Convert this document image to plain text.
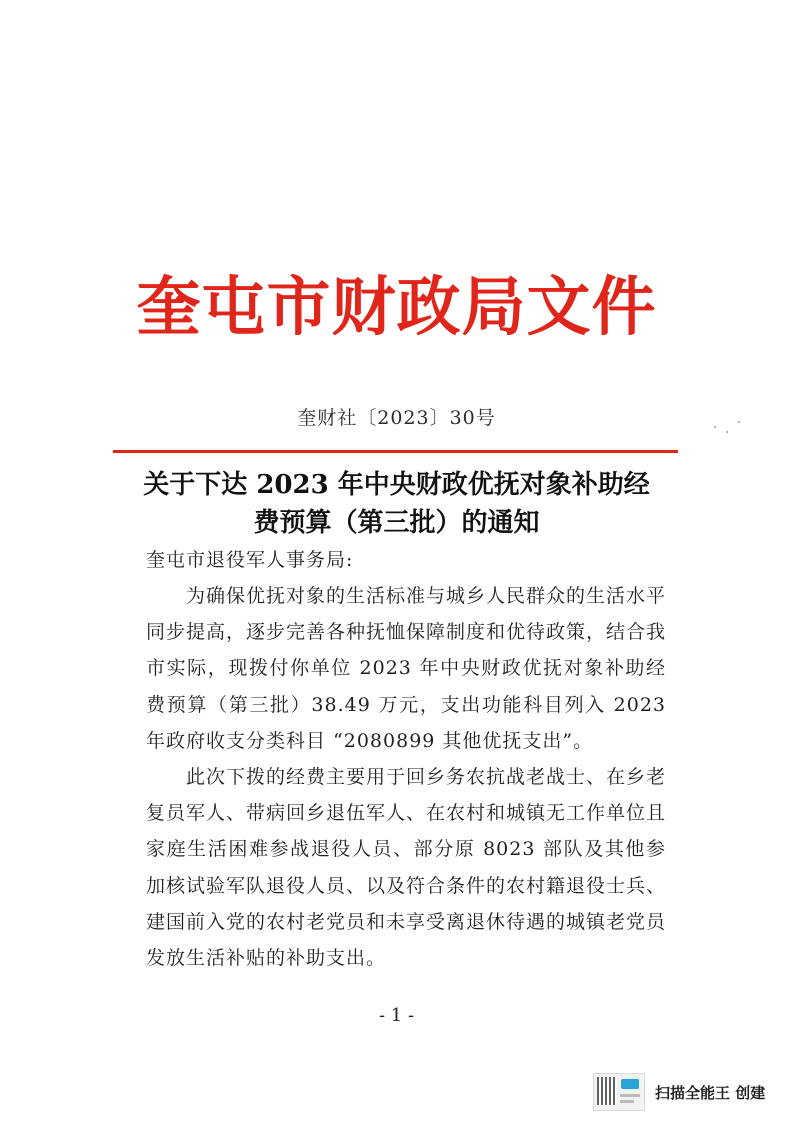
奎屯市财政局文件
奎财社〔2023〕30号
关于下达 2023 年中央财政优抚对象补助经
费预算（第三批）的通知
奎屯市退役军人事务局:
为确保优抚对象的生活标准与城乡人民群众的生活水平同步提高，逐步完善各种抚恤保障制度和优待政策，结合我市实际，现拨付你单位 2023 年中央财政优抚对象补助经费预算（第三批）38.49 万元，支出功能科目列入 2023 年政府收支分类科目 “2080899 其他优抚支出”。
此次下拨的经费主要用于回乡务农抗战老战士、在乡老复员军人、带病回乡退伍军人、在农村和城镇无工作单位且家庭生活困难参战退役人员、部分原 8023 部队及其他参加核试验军队退役人员、以及符合条件的农村籍退役士兵、建国前入党的农村老党员和未享受离退休待遇的城镇老党员发放生活补贴的补助支出。
- 1 -
扫描全能王 创建
